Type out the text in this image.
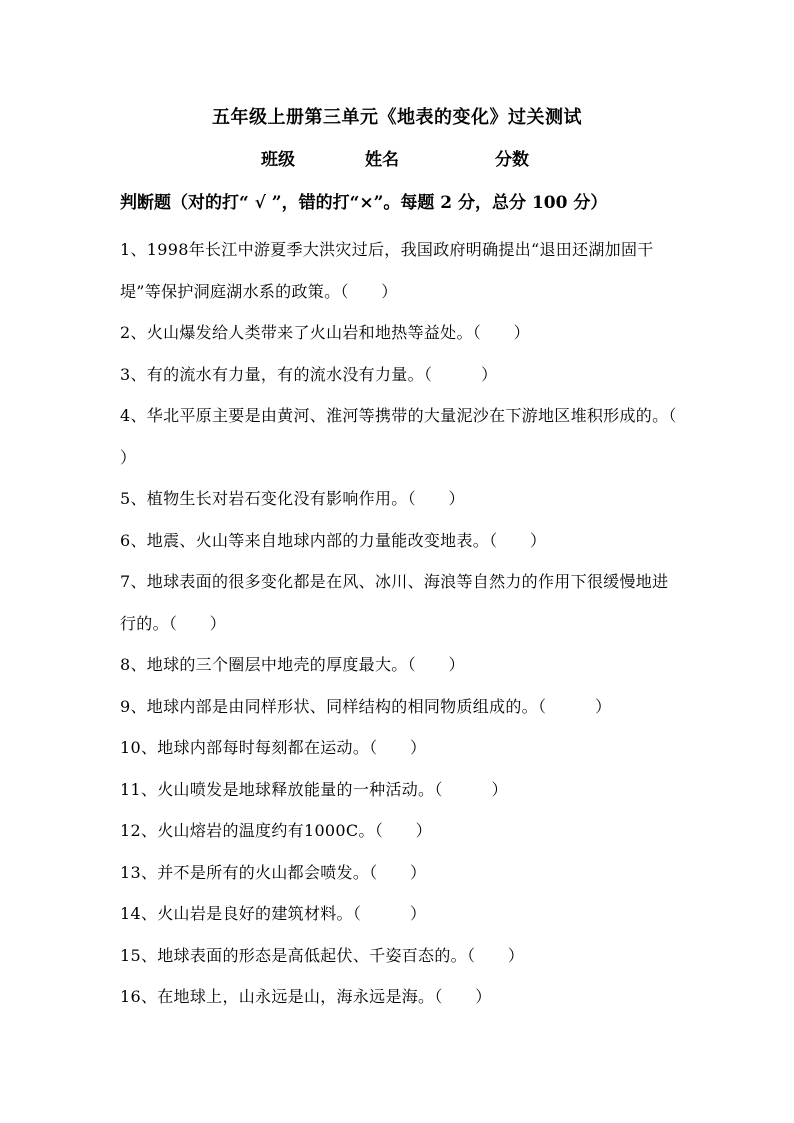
五年级上册第三单元《地表的变化》过关测试
班级	姓名	分数
判断题（对的打“ √ ”，错的打“×”。每题 2 分，总分 100 分）
1、1998年长江中游夏季大洪灾过后，我国政府明确提出“退田还湖加固干堤”等保护洞庭湖水系的政策。（　　）
2、火山爆发给人类带来了火山岩和地热等益处。（　　）
3、有的流水有力量，有的流水没有力量。（　　　）
4、华北平原主要是由黄河、淮河等携带的大量泥沙在下游地区堆积形成的。（　　）
5、植物生长对岩石变化没有影响作用。（　　）
6、地震、火山等来自地球内部的力量能改变地表。（　　）
7、地球表面的很多变化都是在风、冰川、海浪等自然力的作用下很缓慢地进行的。（　　）
8、地球的三个圈层中地壳的厚度最大。（　　）
9、地球内部是由同样形状、同样结构的相同物质组成的。（　　　）
10、地球内部每时每刻都在运动。（　　）
11、火山喷发是地球释放能量的一种活动。（　　　）
12、火山熔岩的温度约有1000C。（　　）
13、并不是所有的火山都会喷发。（　　）
14、火山岩是良好的建筑材料。（　　　）
15、地球表面的形态是高低起伏、千姿百态的。（　　）
16、在地球上，山永远是山，海永远是海。（　　）
